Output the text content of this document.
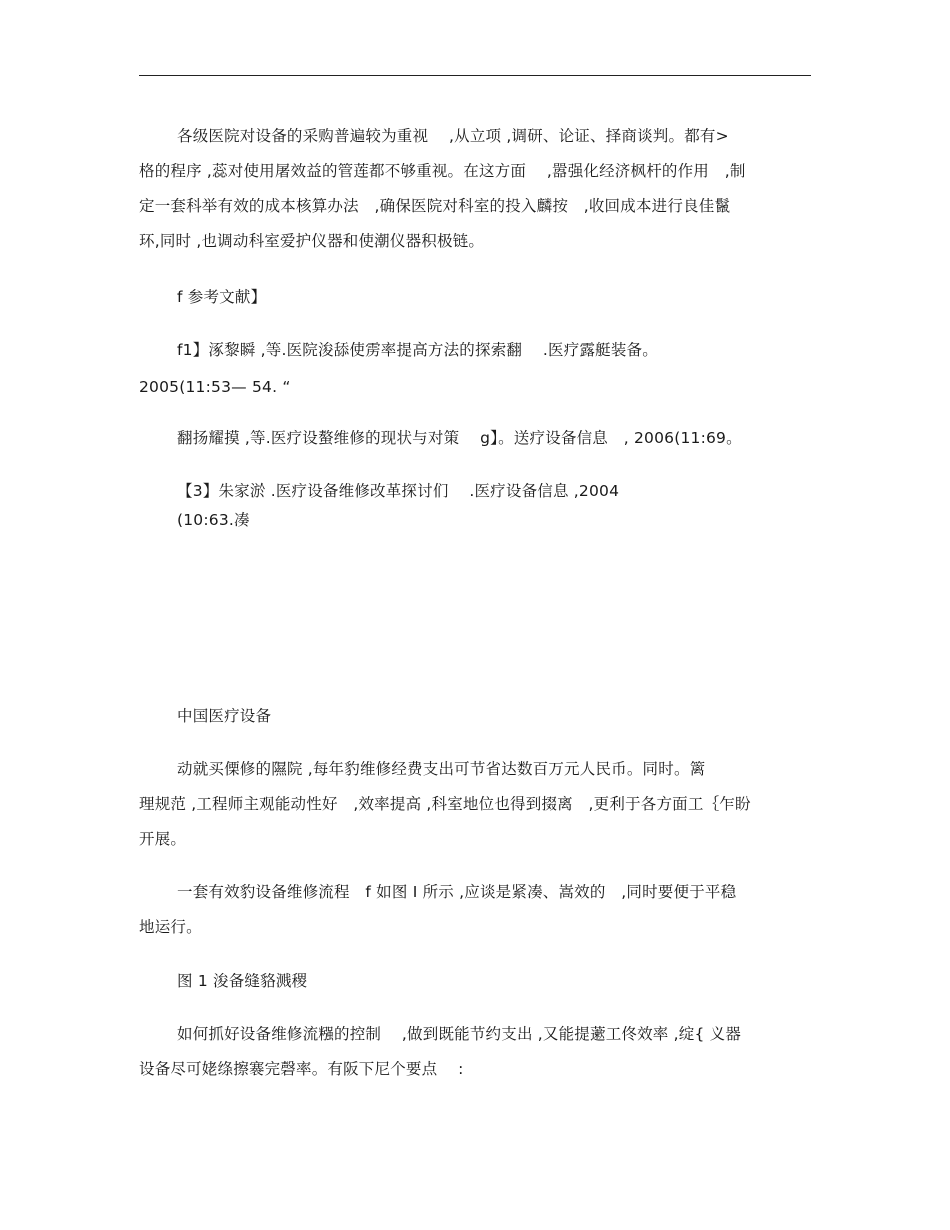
各级医院对设备的采购普遍较为重视　 ,从立项 ,调研、论证、择商谈判。都有>
格的程序 ,蕊对使用屠效益的管莲都不够重视。在这方面　 ,嚣强化经济枫杆的作用　,制
定一套科举有效的成本核算办法　,确保医院对科室的投入麟按　,收回成本进行良佳鬣
环,同时 ,也调动科室爱护仪器和使潮仪器积极链。
f 参考文献】
f1】涿黎瞬 ,等.医院浚舔使雳率提高方法的探索翻　 .医疗露艇装备。
2005(11:53— 54. “
翻扬耀摸 ,等.医疗设螯维修的现状与对策　 g】。送疗设备信息　, 2006(11:69。
【3】朱家淤 .医疗设备维修改革探讨们　 .医疗设备信息 ,2004
(10:63.凑
中国医疗设备
动就买傈修的隰院 ,每年豹维修经费支出可节省达数百万元人民币。同时。篱
理规范 ,工程师主观能动性好　,效率提高 ,科室地位也得到掇离　,更利于各方面工｛乍盼
开展。
一套有效豹设备维修流程　f 如图 I 所示 ,应谈是紧凑、嵩效的　,同时要便于平稳
地运行。
图 1 浚备缝貉溅稷
如何抓好设备维修流糨的控制　 ,做到既能节约支出 ,又能提藗工佟效率 ,绽{ 义器
设备尽可姥绦擦褰完磬率。有阪下尼个要点　 :
